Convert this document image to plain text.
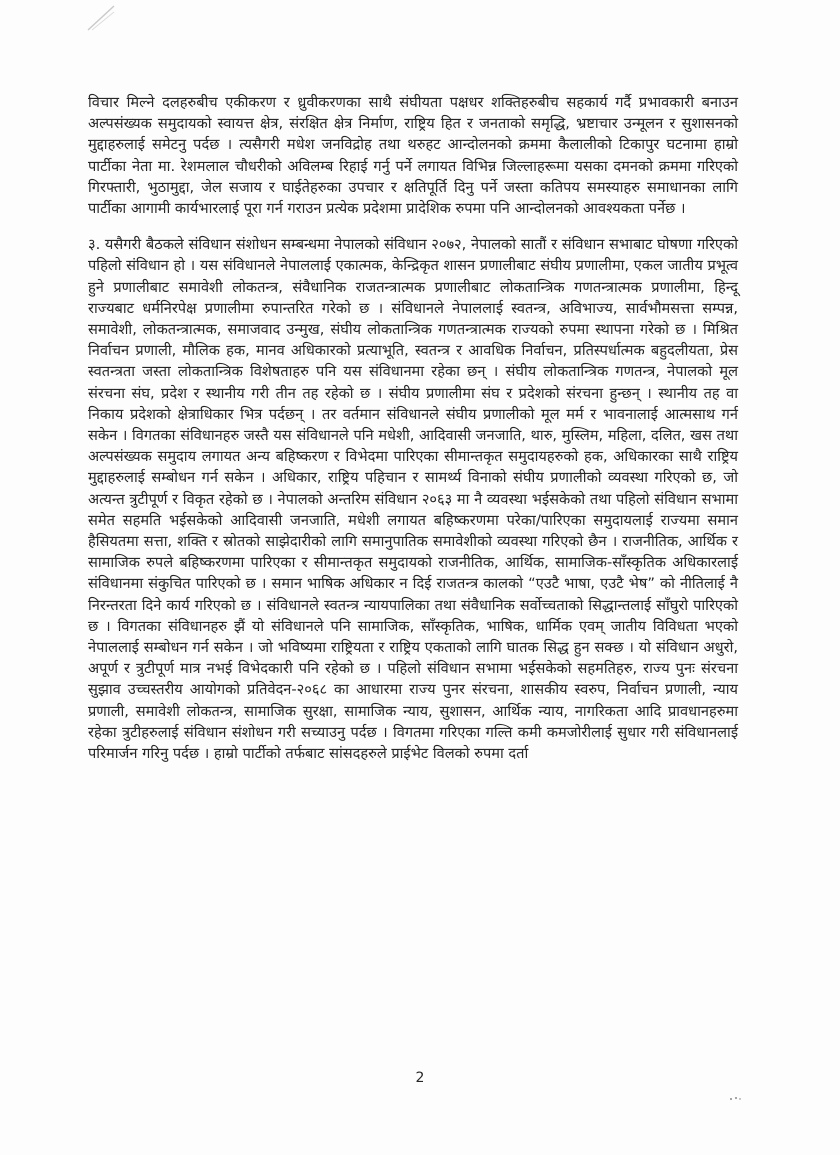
विचार मिल्ने दलहरुबीच एकीकरण र ध्रुवीकरणका साथै संघीयता पक्षधर शक्तिहरुबीच सहकार्य गर्दै प्रभावकारी बनाउन अल्पसंख्यक समुदायको स्वायत्त क्षेत्र, संरक्षित क्षेत्र निर्माण, राष्ट्रिय हित र जनताको समृद्धि, भ्रष्टाचार उन्मूलन र सुशासनको मुद्दाहरुलाई समेटनु पर्दछ । त्यसैगरी मधेश जनविद्रोह तथा थरुहट आन्दोलनको क्रममा कैलालीको टिकापुर घटनामा हाम्रो पार्टीका नेता मा. रेशमलाल चौधरीको अविलम्ब रिहाई गर्नु पर्ने लगायत विभिन्न जिल्लाहरूमा यसका दमनको क्रममा गरिएको गिरफ्तारी, भुठामुद्दा, जेल सजाय र घाईतेहरुका उपचार र क्षतिपूर्ति दिनु पर्ने जस्ता कतिपय समस्याहरु समाधानका लागि पार्टीका आगामी कार्यभारलाई पूरा गर्न गराउन प्रत्येक प्रदेशमा प्रादेशिक रुपमा पनि आन्दोलनको आवश्यकता पर्नेछ ।

३. यसैगरी बैठकले संविधान संशोधन सम्बन्धमा नेपालको संविधान २०७२, नेपालको सातौं र संविधान सभाबाट घोषणा गरिएको पहिलो संविधान हो । यस संविधानले नेपाललाई एकात्मक, केन्द्रिकृत शासन प्रणालीबाट संघीय प्रणालीमा, एकल जातीय प्रभूत्व हुने प्रणालीबाट समावेशी लोकतन्त्र, संवैधानिक राजतन्त्रात्मक प्रणालीबाट लोकतान्त्रिक गणतन्त्रात्मक प्रणालीमा, हिन्दू राज्यबाट धर्मनिरपेक्ष प्रणालीमा रुपान्तरित गरेको छ । संविधानले नेपाललाई स्वतन्त्र, अविभाज्य, सार्वभौमसत्ता सम्पन्न, समावेशी, लोकतन्त्रात्मक, समाजवाद उन्मुख, संघीय लोकतान्त्रिक गणतन्त्रात्मक राज्यको रुपमा स्थापना गरेको छ । मिश्रित निर्वाचन प्रणाली, मौलिक हक, मानव अधिकारको प्रत्याभूति, स्वतन्त्र र आवधिक निर्वाचन, प्रतिस्पर्धात्मक बहुदलीयता, प्रेस स्वतन्त्रता जस्ता लोकतान्त्रिक विशेषताहरु पनि यस संविधानमा रहेका छन् । संघीय लोकतान्त्रिक गणतन्त्र, नेपालको मूल संरचना संघ, प्रदेश र स्थानीय गरी तीन तह रहेको छ । संघीय प्रणालीमा संघ र प्रदेशको संरचना हुन्छन् । स्थानीय तह वा निकाय प्रदेशको क्षेत्राधिकार भित्र पर्दछन् । तर वर्तमान संविधानले संघीय प्रणालीको मूल मर्म र भावनालाई आत्मसाथ गर्न सकेन । विगतका संविधानहरु जस्तै यस संविधानले पनि मधेशी, आदिवासी जनजाति, थारु, मुस्लिम, महिला, दलित, खस तथा अल्पसंख्यक समुदाय लगायत अन्य बहिष्करण र विभेदमा पारिएका सीमान्तकृत समुदायहरुको हक, अधिकारका साथै राष्ट्रिय मुद्दाहरुलाई सम्बोधन गर्न सकेन । अधिकार, राष्ट्रिय पहिचान र सामर्थ्य विनाको संघीय प्रणालीको व्यवस्था गरिएको छ, जो अत्यन्त त्रुटीपूर्ण र विकृत रहेको छ । नेपालको अन्तरिम संविधान २०६३ मा नै व्यवस्था भईसकेको तथा पहिलो संविधान सभामा समेत सहमति भईसकेको आदिवासी जनजाति, मधेशी लगायत बहिष्करणमा परेका/पारिएका समुदायलाई राज्यमा समान हैसियतमा सत्ता, शक्ति र स्रोतको साझेदारीको लागि समानुपातिक समावेशीको व्यवस्था गरिएको छैन । राजनीतिक, आर्थिक र सामाजिक रुपले बहिष्करणमा पारिएका र सीमान्तकृत समुदायको राजनीतिक, आर्थिक, सामाजिक-साँस्कृतिक अधिकारलाई संविधानमा संकुचित पारिएको छ । समान भाषिक अधिकार न दिई राजतन्त्र कालको “एउटै भाषा, एउटै भेष” को नीतिलाई नै निरन्तरता दिने कार्य गरिएको छ । संविधानले स्वतन्त्र न्यायपालिका तथा संवैधानिक सर्वोच्चताको सिद्धान्तलाई साँघुरो पारिएको छ । विगतका संविधानहरु झैं यो संविधानले पनि सामाजिक, साँस्कृतिक, भाषिक, धार्मिक एवम् जातीय विविधता भएको नेपाललाई सम्बोधन गर्न सकेन । जो भविष्यमा राष्ट्रियता र राष्ट्रिय एकताको लागि घातक सिद्ध हुन सक्छ । यो संविधान अधुरो, अपूर्ण र त्रुटीपूर्ण मात्र नभई विभेदकारी पनि रहेको छ । पहिलो संविधान सभामा भईसकेको सहमतिहरु, राज्य पुनः संरचना सुझाव उच्चस्तरीय आयोगको प्रतिवेदन-२०६८ का आधारमा राज्य पुनर संरचना, शासकीय स्वरुप, निर्वाचन प्रणाली, न्याय प्रणाली, समावेशी लोकतन्त्र, सामाजिक सुरक्षा, सामाजिक न्याय, सुशासन, आर्थिक न्याय, नागरिकता आदि प्रावधानहरुमा रहेका त्रुटीहरुलाई संविधान संशोधन गरी सच्याउनु पर्दछ । विगतमा गरिएका गल्ति कमी कमजोरीलाई सुधार गरी संविधानलाई परिमार्जन गरिनु पर्दछ । हाम्रो पार्टीको तर्फबाट सांसदहरुले प्राईभेट विलको रुपमा दर्ता

2
